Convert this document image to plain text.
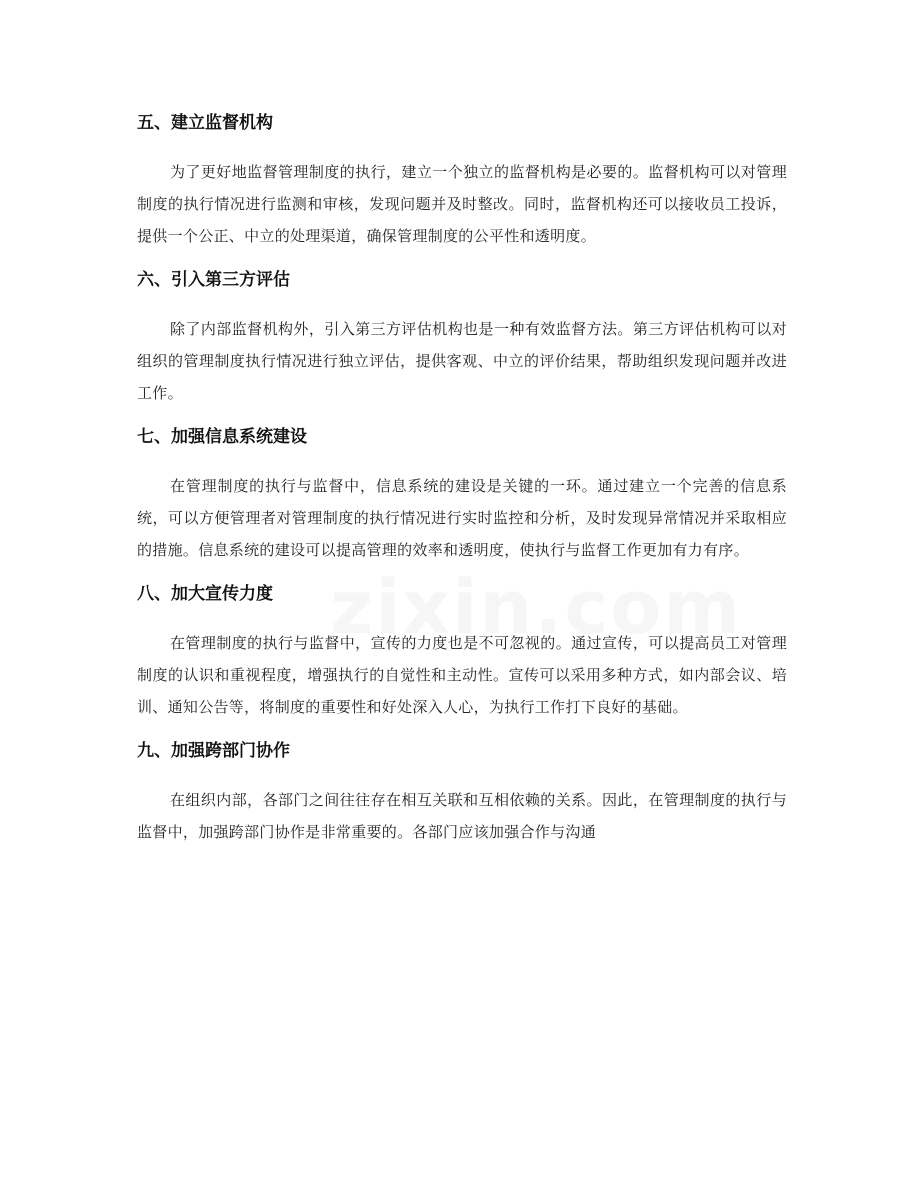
五、建立监督机构

为了更好地监督管理制度的执行，建立一个独立的监督机构是必要的。监督机构可以对管理制度的执行情况进行监测和审核，发现问题并及时整改。同时，监督机构还可以接收员工投诉，提供一个公正、中立的处理渠道，确保管理制度的公平性和透明度。

六、引入第三方评估

除了内部监督机构外，引入第三方评估机构也是一种有效监督方法。第三方评估机构可以对组织的管理制度执行情况进行独立评估，提供客观、中立的评价结果，帮助组织发现问题并改进工作。

七、加强信息系统建设

在管理制度的执行与监督中，信息系统的建设是关键的一环。通过建立一个完善的信息系统，可以方便管理者对管理制度的执行情况进行实时监控和分析，及时发现异常情况并采取相应的措施。信息系统的建设可以提高管理的效率和透明度，使执行与监督工作更加有力有序。

八、加大宣传力度

在管理制度的执行与监督中，宣传的力度也是不可忽视的。通过宣传，可以提高员工对管理制度的认识和重视程度，增强执行的自觉性和主动性。宣传可以采用多种方式，如内部会议、培训、通知公告等，将制度的重要性和好处深入人心，为执行工作打下良好的基础。

九、加强跨部门协作

在组织内部，各部门之间往往存在相互关联和互相依赖的关系。因此，在管理制度的执行与监督中，加强跨部门协作是非常重要的。各部门应该加强合作与沟通
